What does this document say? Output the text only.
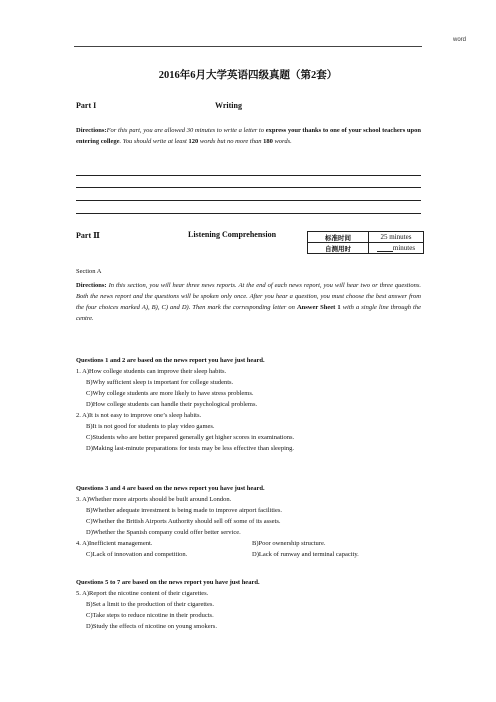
word
2016年6月大学英语四级真题（第2套）
Part I	Writing
Directions:For this part, you are allowed 30 minutes to write a letter to express your thanks to one of your school teachers upon entering college. You should write at least 120 words but no more than 180 words.
Part Ⅱ	Listening Comprehension	标准时间	25 minutes
自测用时	minutes
Section A
Directions: In this section, you will hear three news reports. At the end of each news report, you will hear two or three questions. Both the news report and the questions will be spoken only once. After you hear a question, you must choose the best answer from the four choices marked A), B), C) and D). Then mark the corresponding letter on Answer Sheet 1 with a single line through the centre.
Questions 1 and 2 are based on the news report you have just heard.
1. A)How college students can improve their sleep habits.
B)Why sufficient sleep is important for college students.
C)Why college students are more likely to have stress problems.
D)How college students can handle their psychological problems.
2. A)It is not easy to improve one’s sleep habits.
B)It is not good for students to play video games.
C)Students who are better prepared generally get higher scores in examinations.
D)Making last-minute preparations for tests may be less effective than sleeping.
Questions 3 and 4 are based on the news report you have just heard.
3. A)Whether more airports should be built around London.
B)Whether adequate investment is being made to improve airport facilities.
C)Whether the British Airports Authority should sell off some of its assets.
D)Whether the Spanish company could offer better service.
4. A)Inefficient management.	B)Poor ownership structure.
C)Lack of innovation and competition.	D)Lack of runway and terminal capacity.
Questions 5 to 7 are based on the news report you have just heard.
5. A)Report the nicotine content of their cigarettes.
B)Set a limit to the production of their cigarettes.
C)Take steps to reduce nicotine in their products.
D)Study the effects of nicotine on young smokers.
